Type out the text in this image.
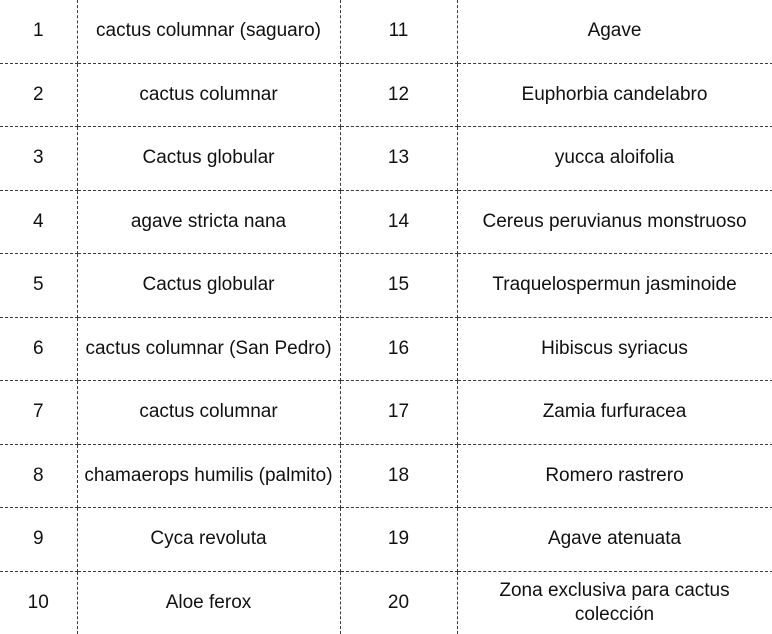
1	cactus columnar (saguaro)	11	Agave
2	cactus columnar	12	Euphorbia candelabro
3	Cactus globular	13	yucca aloifolia
4	agave stricta nana	14	Cereus peruvianus monstruoso
5	Cactus globular	15	Traquelospermun jasminoide
6	cactus columnar (San Pedro)	16	Hibiscus syriacus
7	cactus columnar	17	Zamia furfuracea
8	chamaerops humilis (palmito)	18	Romero rastrero
9	Cyca revoluta	19	Agave atenuata
10	Aloe ferox	20	Zona exclusiva para cactus colección
